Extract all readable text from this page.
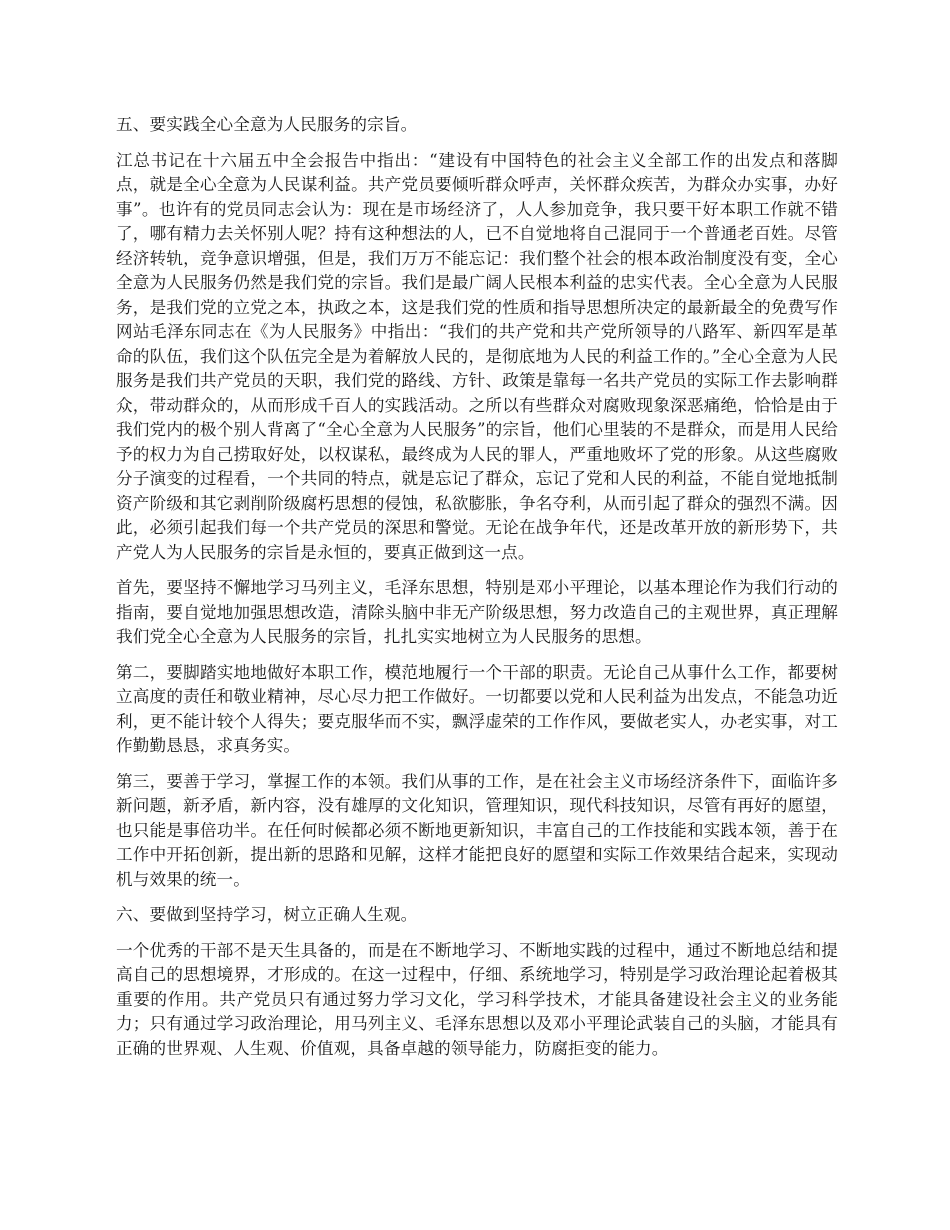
五、要实践全心全意为人民服务的宗旨。

江总书记在十六届五中全会报告中指出：“建设有中国特色的社会主义全部工作的出发点和落脚点，就是全心全意为人民谋利益。共产党员要倾听群众呼声，关怀群众疾苦，为群众办实事，办好事”。也许有的党员同志会认为：现在是市场经济了，人人参加竞争，我只要干好本职工作就不错了，哪有精力去关怀别人呢？持有这种想法的人，已不自觉地将自己混同于一个普通老百姓。尽管经济转轨，竞争意识增强，但是，我们万万不能忘记：我们整个社会的根本政治制度没有变，全心全意为人民服务仍然是我们党的宗旨。我们是最广阔人民根本利益的忠实代表。全心全意为人民服务，是我们党的立党之本，执政之本，这是我们党的性质和指导思想所决定的最新最全的免费写作网站毛泽东同志在《为人民服务》中指出：“我们的共产党和共产党所领导的八路军、新四军是革命的队伍，我们这个队伍完全是为着解放人民的，是彻底地为人民的利益工作的。”全心全意为人民服务是我们共产党员的天职，我们党的路线、方针、政策是靠每一名共产党员的实际工作去影响群众，带动群众的，从而形成千百人的实践活动。之所以有些群众对腐败现象深恶痛绝，恰恰是由于我们党内的极个别人背离了“全心全意为人民服务”的宗旨，他们心里装的不是群众，而是用人民给予的权力为自己捞取好处，以权谋私，最终成为人民的罪人，严重地败坏了党的形象。从这些腐败分子演变的过程看，一个共同的特点，就是忘记了群众，忘记了党和人民的利益，不能自觉地抵制资产阶级和其它剥削阶级腐朽思想的侵蚀，私欲膨胀，争名夺利，从而引起了群众的强烈不满。因此，必须引起我们每一个共产党员的深思和警觉。无论在战争年代，还是改革开放的新形势下，共产党人为人民服务的宗旨是永恒的，要真正做到这一点。

首先，要坚持不懈地学习马列主义，毛泽东思想，特别是邓小平理论，以基本理论作为我们行动的指南，要自觉地加强思想改造，清除头脑中非无产阶级思想，努力改造自己的主观世界，真正理解我们党全心全意为人民服务的宗旨，扎扎实实地树立为人民服务的思想。

第二，要脚踏实地地做好本职工作，模范地履行一个干部的职责。无论自己从事什么工作，都要树立高度的责任和敬业精神，尽心尽力把工作做好。一切都要以党和人民利益为出发点，不能急功近利，更不能计较个人得失；要克服华而不实，飘浮虚荣的工作作风，要做老实人，办老实事，对工作勤勤恳恳，求真务实。

第三，要善于学习，掌握工作的本领。我们从事的工作，是在社会主义市场经济条件下，面临许多新问题，新矛盾，新内容，没有雄厚的文化知识，管理知识，现代科技知识，尽管有再好的愿望，也只能是事倍功半。在任何时候都必须不断地更新知识，丰富自己的工作技能和实践本领，善于在工作中开拓创新，提出新的思路和见解，这样才能把良好的愿望和实际工作效果结合起来，实现动机与效果的统一。

六、要做到坚持学习，树立正确人生观。

一个优秀的干部不是天生具备的，而是在不断地学习、不断地实践的过程中，通过不断地总结和提高自己的思想境界，才形成的。在这一过程中，仔细、系统地学习，特别是学习政治理论起着极其重要的作用。共产党员只有通过努力学习文化，学习科学技术，才能具备建设社会主义的业务能力；只有通过学习政治理论，用马列主义、毛泽东思想以及邓小平理论武装自己的头脑，才能具有正确的世界观、人生观、价值观，具备卓越的领导能力，防腐拒变的能力。
